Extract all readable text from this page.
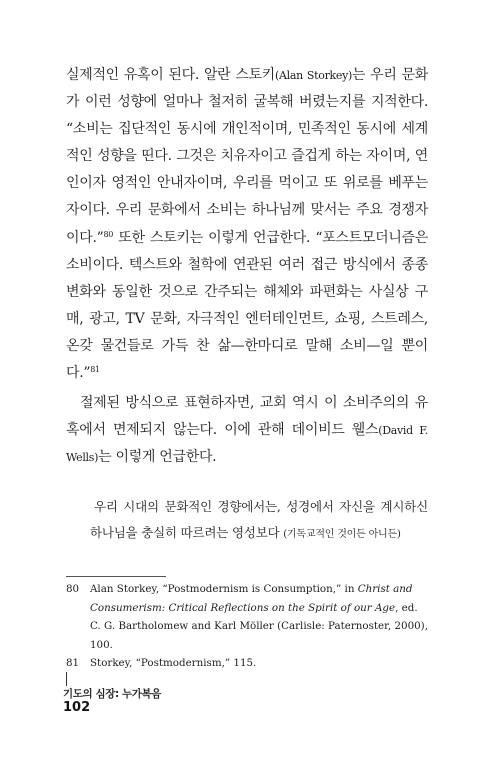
실제적인 유혹이 된다. 알란 스토키(Alan Storkey)는 우리 문화가 이런 성향에 얼마나 철저히 굴복해 버렸는지를 지적한다. “소비는 집단적인 동시에 개인적이며, 민족적인 동시에 세계적인 성향을 띤다. 그것은 치유자이고 즐겁게 하는 자이며, 연인이자 영적인 안내자이며, 우리를 먹이고 또 위로를 베푸는 자이다. 우리 문화에서 소비는 하나님께 맞서는 주요 경쟁자이다.”$^{80}$ 또한 스토키는 이렇게 언급한다. “포스트모더니즘은 소비이다. 텍스트와 철학에 연관된 여러 접근 방식에서 종종 변화와 동일한 것으로 간주되는 해체와 파편화는 사실상 구매, 광고, TV 문화, 자극적인 엔터테인먼트, 쇼핑, 스트레스, 온갖 물건들로 가득 찬 삶—한마디로 말해 소비—일 뿐이다.”$^{81}$

절제된 방식으로 표현하자면, 교회 역시 이 소비주의의 유혹에서 면제되지 않는다. 이에 관해 데이비드 웰스(David F. Wells)는 이렇게 언급한다.

우리 시대의 문화적인 경향에서는, 성경에서 자신을 계시하신 하나님을 충실히 따르려는 영성보다 (기독교적인 것이든 아니든)

80 Alan Storkey, “Postmodernism is Consumption,” in Christ and Consumerism: Critical Reflections on the Spirit of our Age, ed. C. G. Bartholomew and Karl Möller (Carlisle: Paternoster, 2000), 100.
81 Storkey, “Postmodernism,” 115.
기도의 심장: 누가복음
102
